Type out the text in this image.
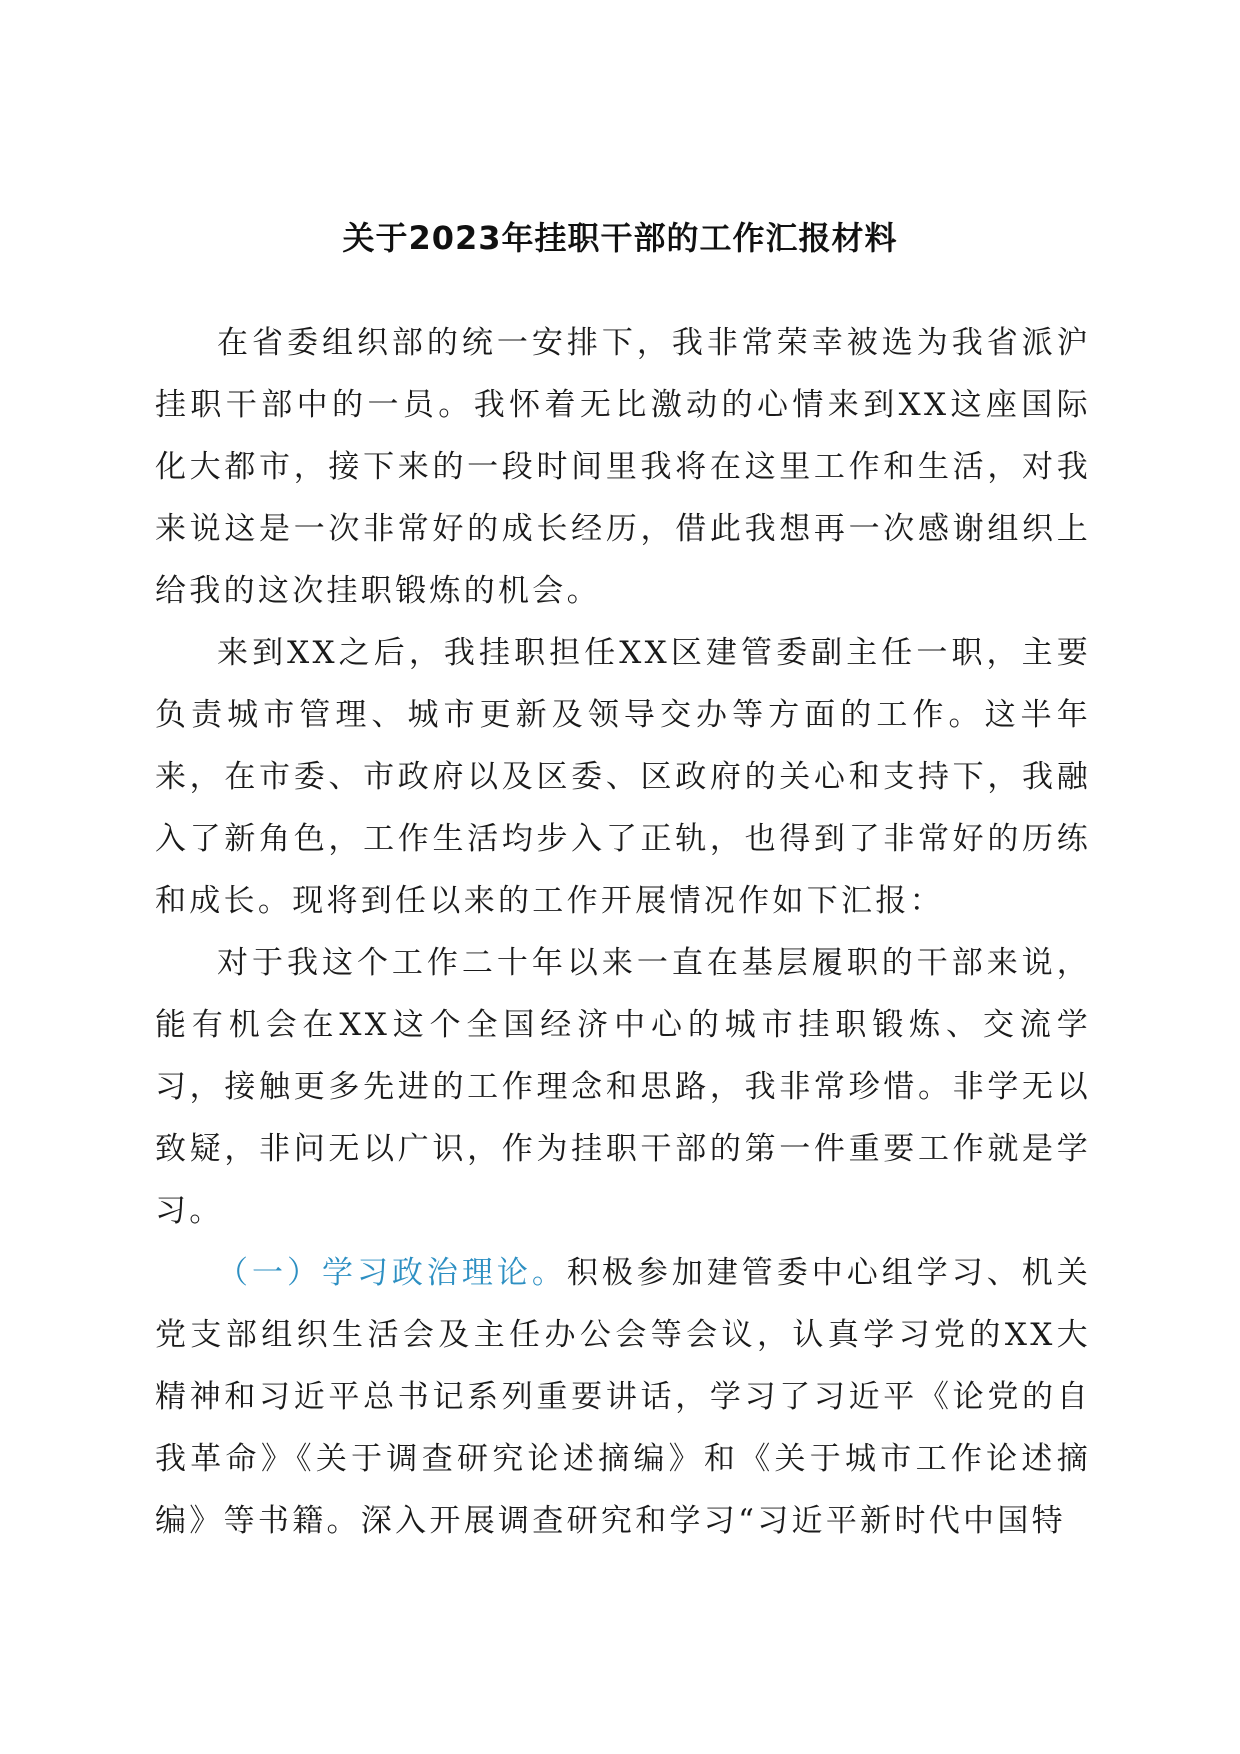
关于2023年挂职干部的工作汇报材料

在省委组织部的统一安排下，我非常荣幸被选为我省派沪挂职干部中的一员。我怀着无比激动的心情来到XX这座国际化大都市，接下来的一段时间里我将在这里工作和生活，对我来说这是一次非常好的成长经历，借此我想再一次感谢组织上给我的这次挂职锻炼的机会。

来到XX之后，我挂职担任XX区建管委副主任一职，主要负责城市管理、城市更新及领导交办等方面的工作。这半年来，在市委、市政府以及区委、区政府的关心和支持下，我融入了新角色，工作生活均步入了正轨，也得到了非常好的历练和成长。现将到任以来的工作开展情况作如下汇报：

对于我这个工作二十年以来一直在基层履职的干部来说，能有机会在XX这个全国经济中心的城市挂职锻炼、交流学习，接触更多先进的工作理念和思路，我非常珍惜。非学无以致疑，非问无以广识，作为挂职干部的第一件重要工作就是学习。

（一）学习政治理论。积极参加建管委中心组学习、机关党支部组织生活会及主任办公会等会议，认真学习党的XX大精神和习近平总书记系列重要讲话，学习了习近平《论党的自我革命》《关于调查研究论述摘编》和《关于城市工作论述摘编》等书籍。深入开展调查研究和学习“习近平新时代中国特
